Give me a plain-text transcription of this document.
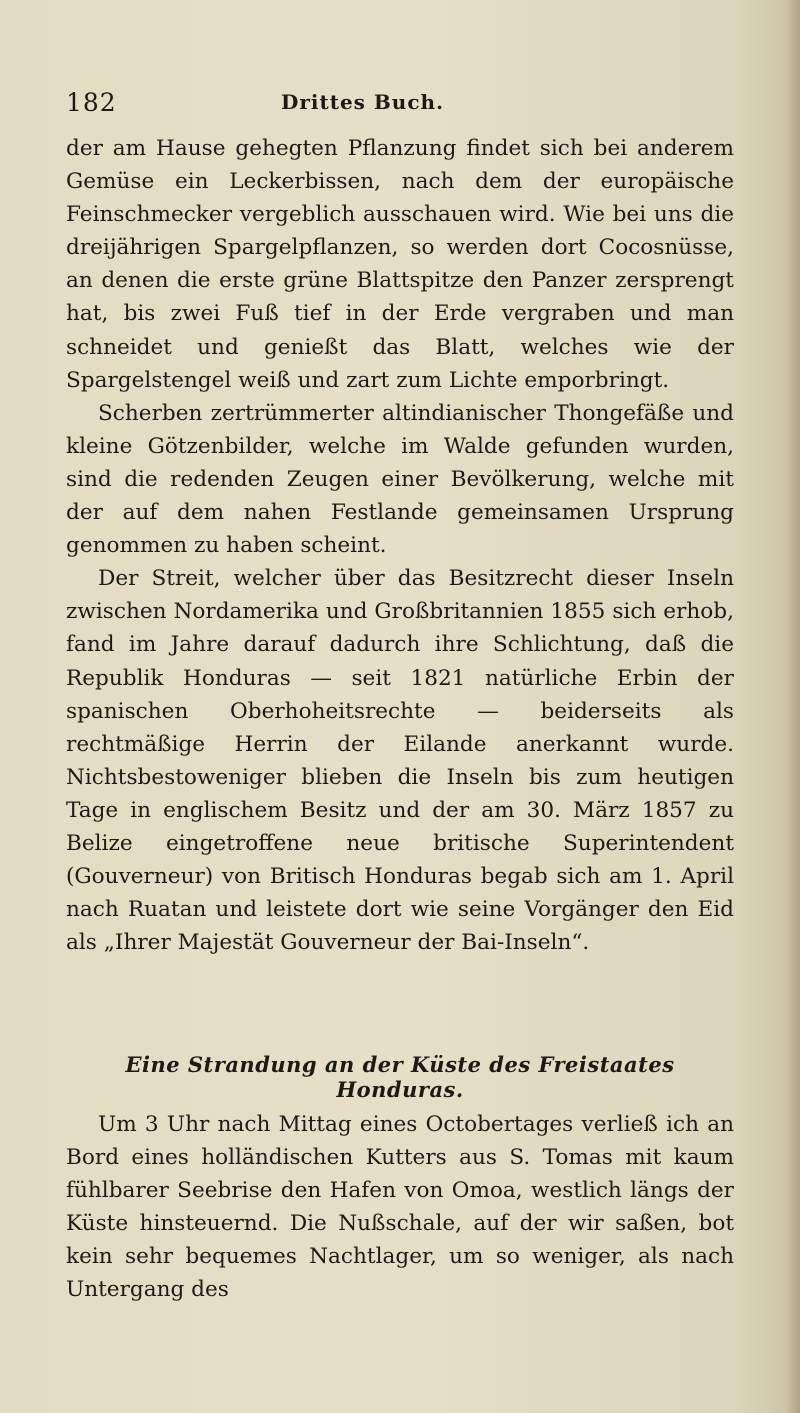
182	Drittes Buch.

der am Hause gehegten Pflanzung findet sich bei anderem Gemüse ein Leckerbissen, nach dem der europäische Feinschmecker vergeblich ausschauen wird. Wie bei uns die dreijährigen Spargelpflanzen, so werden dort Cocosnüsse, an denen die erste grüne Blattspitze den Panzer zersprengt hat, bis zwei Fuß tief in der Erde vergraben und man schneidet und genießt das Blatt, welches wie der Spargelstengel weiß und zart zum Lichte emporbringt.

Scherben zertrümmerter altindianischer Thongefäße und kleine Götzenbilder, welche im Walde gefunden wurden, sind die redenden Zeugen einer Bevölkerung, welche mit der auf dem nahen Festlande gemeinsamen Ursprung genommen zu haben scheint.

Der Streit, welcher über das Besitzrecht dieser Inseln zwischen Nordamerika und Großbritannien 1855 sich erhob, fand im Jahre darauf dadurch ihre Schlichtung, daß die Republik Honduras — seit 1821 natürliche Erbin der spanischen Oberhoheitsrechte — beiderseits als rechtmäßige Herrin der Eilande anerkannt wurde. Nichtsbestoweniger blieben die Inseln bis zum heutigen Tage in englischem Besitz und der am 30. März 1857 zu Belize eingetroffene neue britische Superintendent (Gouverneur) von Britisch Honduras begab sich am 1. April nach Ruatan und leistete dort wie seine Vorgänger den Eid als „Ihrer Majestät Gouverneur der Bai-Inseln“.

Eine Strandung an der Küste des Freistaates Honduras.

Um 3 Uhr nach Mittag eines Octobertages verließ ich an Bord eines holländischen Kutters aus S. Tomas mit kaum fühlbarer Seebrise den Hafen von Omoa, westlich längs der Küste hinsteuernd. Die Nußschale, auf der wir saßen, bot kein sehr bequemes Nachtlager, um so weniger, als nach Untergang des
